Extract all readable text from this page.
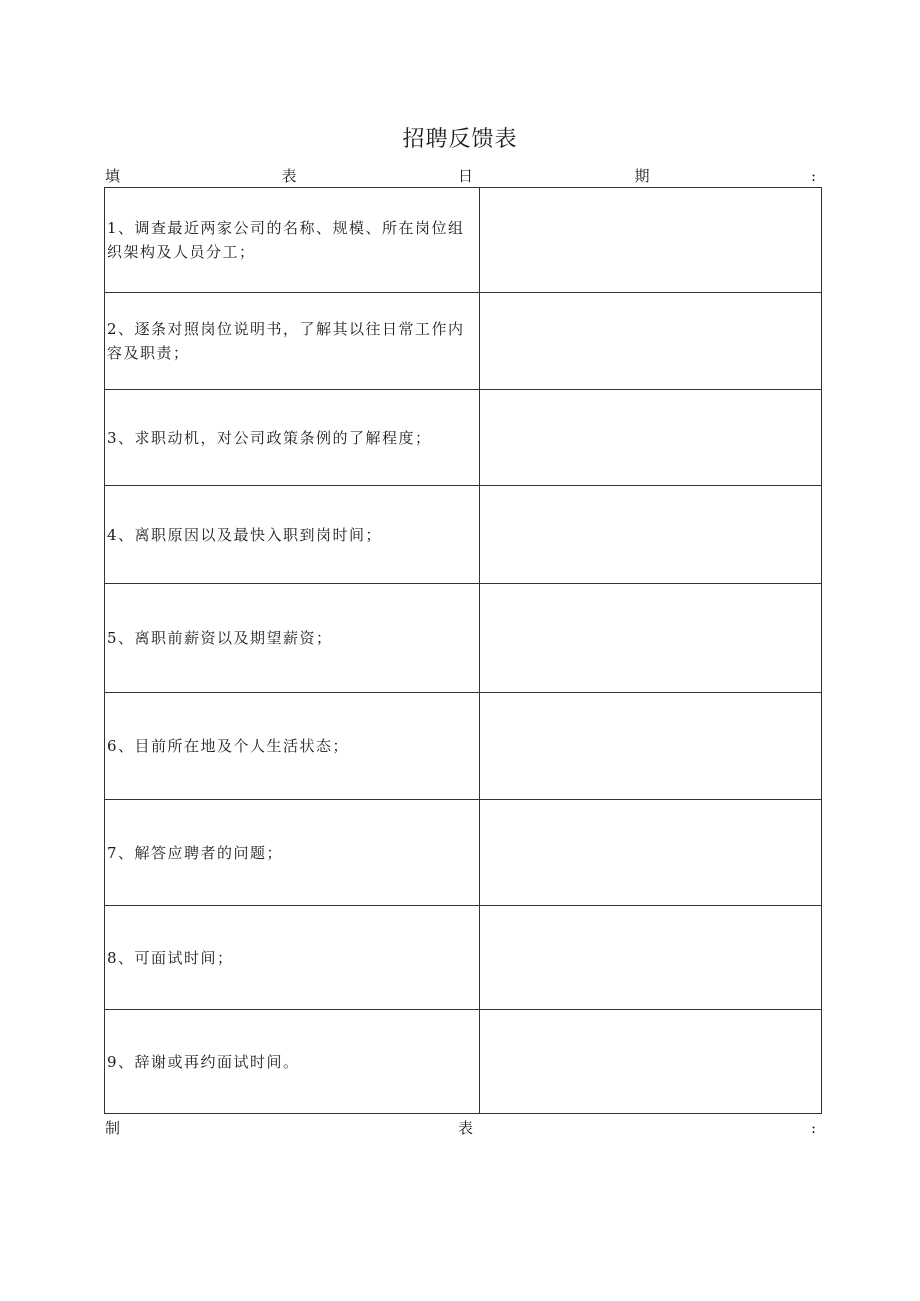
招聘反馈表
填	表	日	期	:
1、调查最近两家公司的名称、规模、所在岗位组织架构及人员分工；	
2、逐条对照岗位说明书，了解其以往日常工作内容及职责；	
3、求职动机，对公司政策条例的了解程度；	
4、离职原因以及最快入职到岗时间；	
5、离职前薪资以及期望薪资；	
6、目前所在地及个人生活状态；	
7、解答应聘者的问题；	
8、可面试时间；	
9、辞谢或再约面试时间。	
制	表	:
